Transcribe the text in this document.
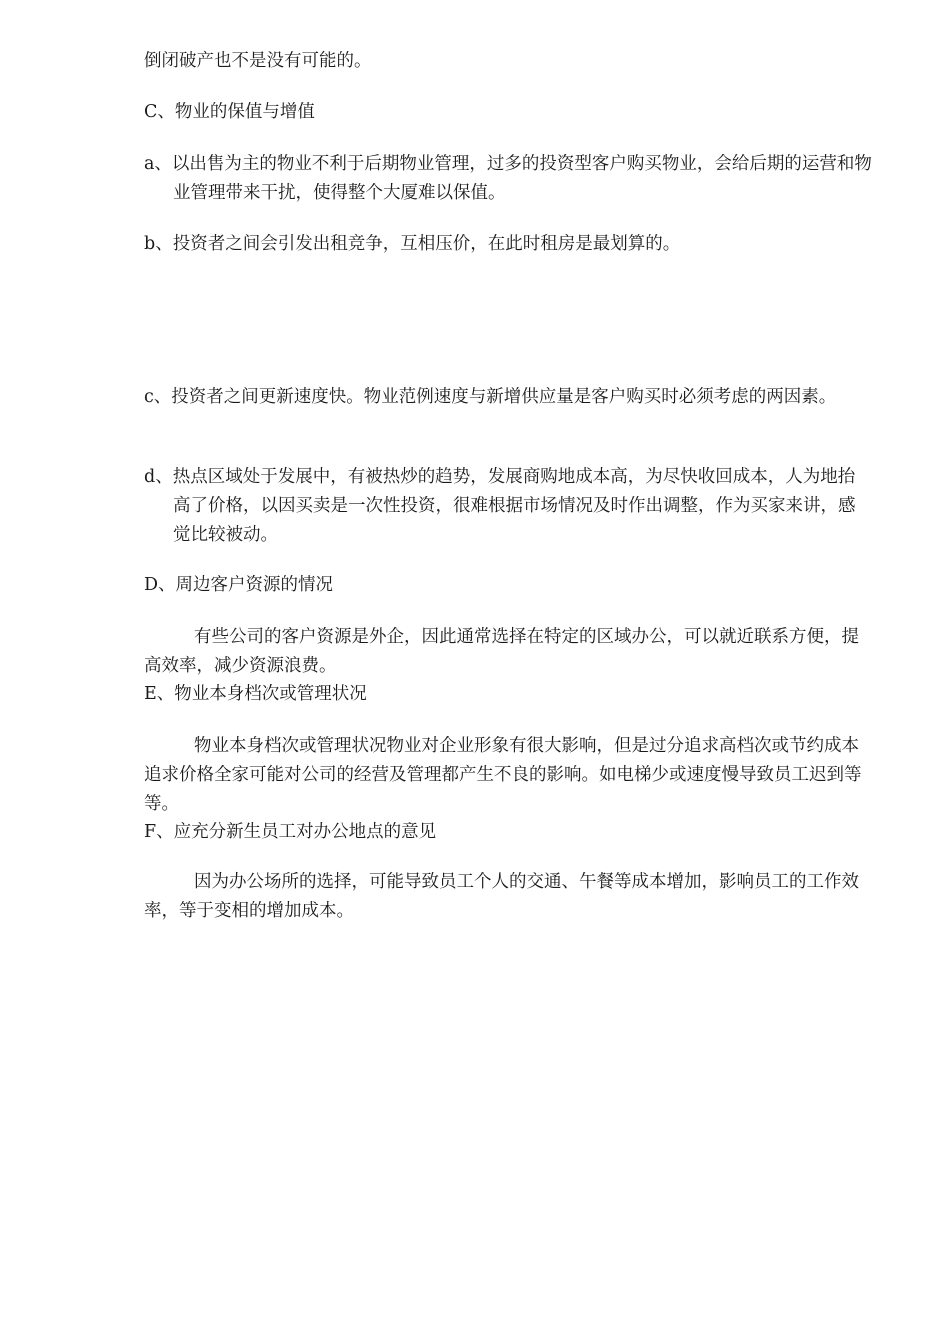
倒闭破产也不是没有可能的。

C、物业的保值与增值

a、以出售为主的物业不利于后期物业管理，过多的投资型客户购买物业，会给后期的运营和物业管理带来干扰，使得整个大厦难以保值。

b、投资者之间会引发出租竞争，互相压价，在此时租房是最划算的。

c、投资者之间更新速度快。物业范例速度与新增供应量是客户购买时必须考虑的两因素。

d、热点区域处于发展中，有被热炒的趋势，发展商购地成本高，为尽快收回成本，人为地抬高了价格，以因买卖是一次性投资，很难根据市场情况及时作出调整，作为买家来讲，感觉比较被动。

D、周边客户资源的情况

有些公司的客户资源是外企，因此通常选择在特定的区域办公，可以就近联系方便，提高效率，减少资源浪费。

E、物业本身档次或管理状况

物业本身档次或管理状况物业对企业形象有很大影响，但是过分追求高档次或节约成本追求价格全家可能对公司的经营及管理都产生不良的影响。如电梯少或速度慢导致员工迟到等等。

F、应充分新生员工对办公地点的意见

因为办公场所的选择，可能导致员工个人的交通、午餐等成本增加，影响员工的工作效率，等于变相的增加成本。
